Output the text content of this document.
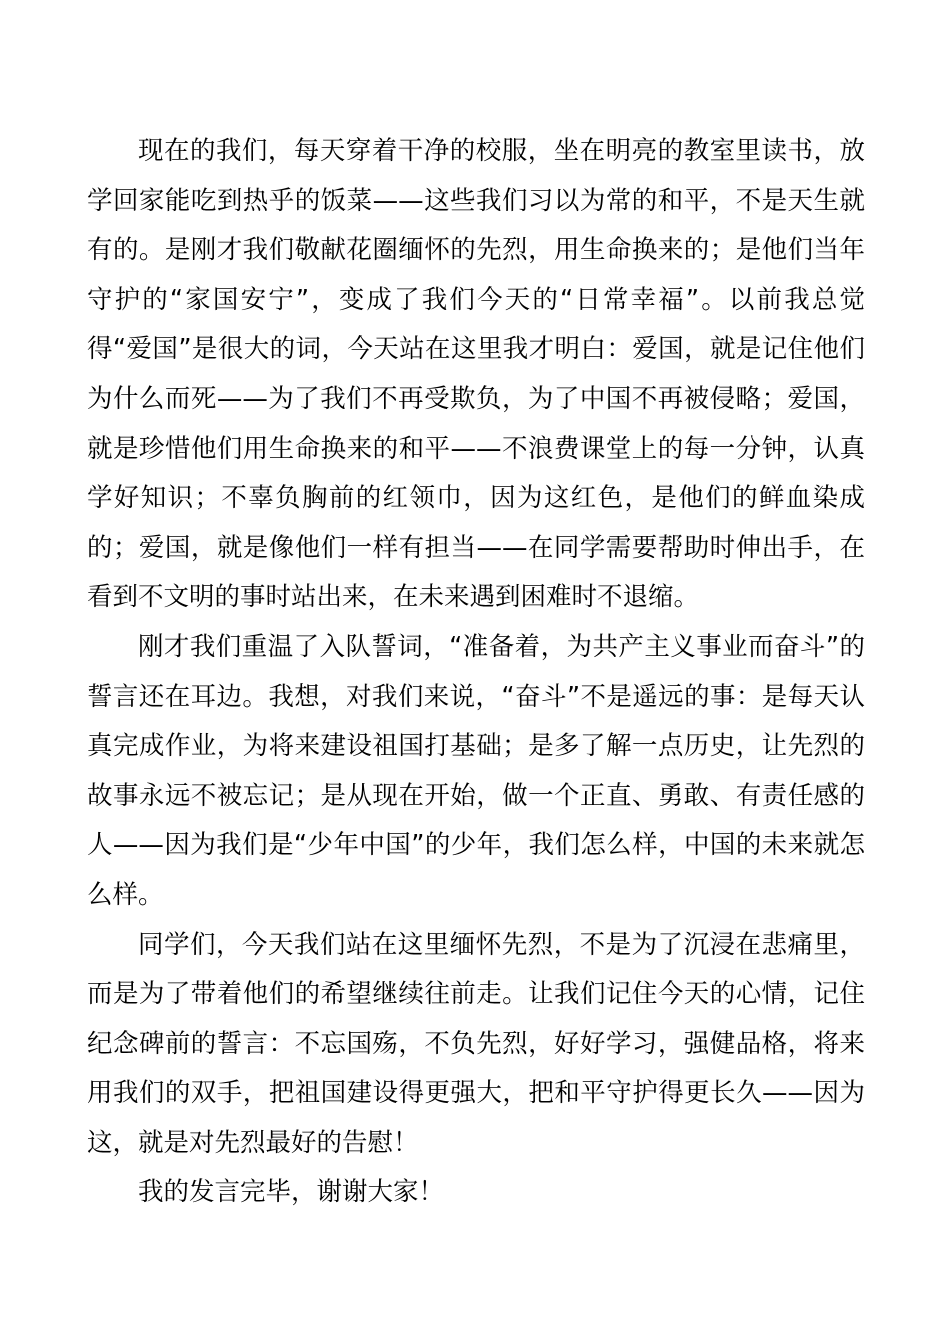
现在的我们，每天穿着干净的校服，坐在明亮的教室里读书，放学回家能吃到热乎的饭菜——这些我们习以为常的和平，不是天生就有的。是刚才我们敬献花圈缅怀的先烈，用生命换来的；是他们当年守护的“家国安宁”，变成了我们今天的“日常幸福”。以前我总觉得“爱国”是很大的词，今天站在这里我才明白：爱国，就是记住他们为什么而死——为了我们不再受欺负，为了中国不再被侵略；爱国，就是珍惜他们用生命换来的和平——不浪费课堂上的每一分钟，认真学好知识；不辜负胸前的红领巾，因为这红色，是他们的鲜血染成的；爱国，就是像他们一样有担当——在同学需要帮助时伸出手，在看到不文明的事时站出来，在未来遇到困难时不退缩。

刚才我们重温了入队誓词，“准备着，为共产主义事业而奋斗”的誓言还在耳边。我想，对我们来说，“奋斗”不是遥远的事：是每天认真完成作业，为将来建设祖国打基础；是多了解一点历史，让先烈的故事永远不被忘记；是从现在开始，做一个正直、勇敢、有责任感的人——因为我们是“少年中国”的少年，我们怎么样，中国的未来就怎么样。

同学们，今天我们站在这里缅怀先烈，不是为了沉浸在悲痛里，而是为了带着他们的希望继续往前走。让我们记住今天的心情，记住纪念碑前的誓言：不忘国殇，不负先烈，好好学习，强健品格，将来用我们的双手，把祖国建设得更强大，把和平守护得更长久——因为这，就是对先烈最好的告慰！

我的发言完毕，谢谢大家！
